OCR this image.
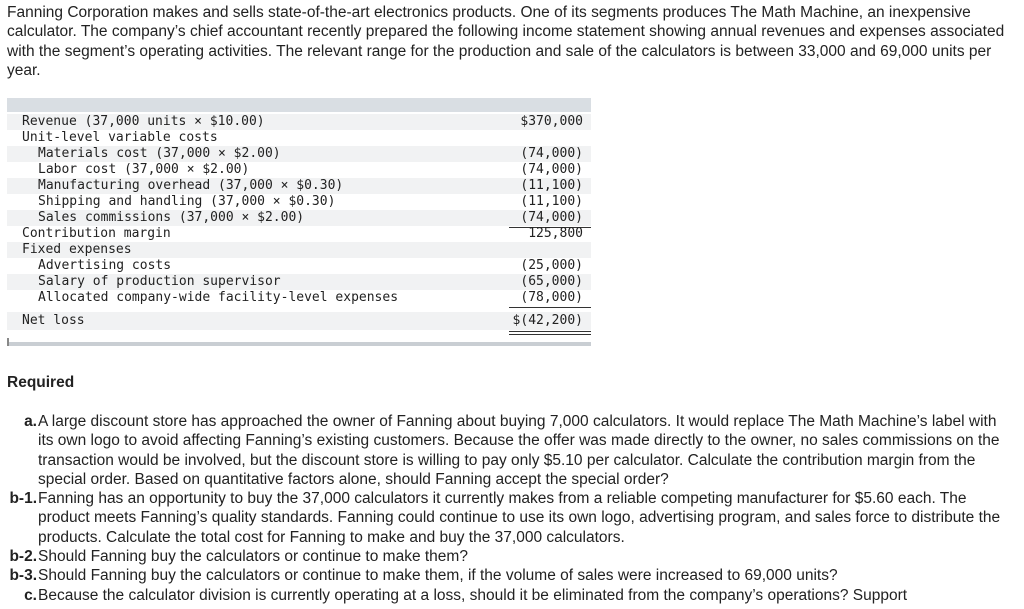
Fanning Corporation makes and sells state-of-the-art electronics products. One of its segments produces The Math Machine, an inexpensive calculator. The company’s chief accountant recently prepared the following income statement showing annual revenues and expenses associated with the segment’s operating activities. The relevant range for the production and sale of the calculators is between 33,000 and 69,000 units per year.

Revenue (37,000 units × $10.00)	$370,000
Unit-level variable costs
Materials cost (37,000 × $2.00)	(74,000)
Labor cost (37,000 × $2.00)	(74,000)
Manufacturing overhead (37,000 × $0.30)	(11,100)
Shipping and handling (37,000 × $0.30)	(11,100)
Sales commissions (37,000 × $2.00)	(74,000)
Contribution margin	125,800
Fixed expenses
Advertising costs	(25,000)
Salary of production supervisor	(65,000)
Allocated company-wide facility-level expenses	(78,000)
Net loss	$(42,200)

Required

a. A large discount store has approached the owner of Fanning about buying 7,000 calculators. It would replace The Math Machine’s label with its own logo to avoid affecting Fanning’s existing customers. Because the offer was made directly to the owner, no sales commissions on the transaction would be involved, but the discount store is willing to pay only $5.10 per calculator. Calculate the contribution margin from the special order. Based on quantitative factors alone, should Fanning accept the special order?
b-1. Fanning has an opportunity to buy the 37,000 calculators it currently makes from a reliable competing manufacturer for $5.60 each. The product meets Fanning’s quality standards. Fanning could continue to use its own logo, advertising program, and sales force to distribute the products. Calculate the total cost for Fanning to make and buy the 37,000 calculators.
b-2. Should Fanning buy the calculators or continue to make them?
b-3. Should Fanning buy the calculators or continue to make them, if the volume of sales were increased to 69,000 units?
c. Because the calculator division is currently operating at a loss, should it be eliminated from the company’s operations? Support
